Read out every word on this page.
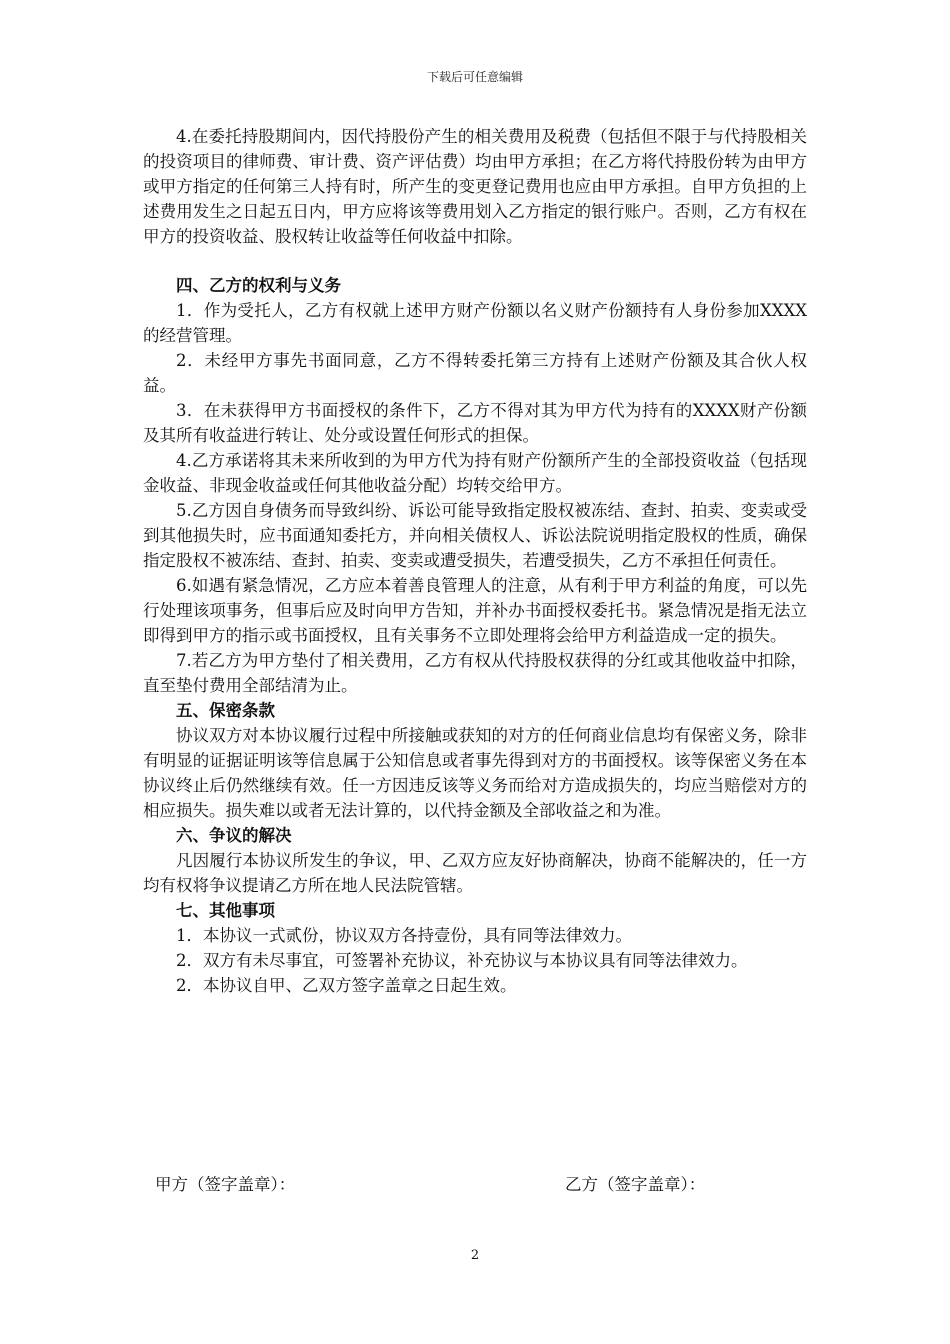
下载后可任意编辑

4.在委托持股期间内，因代持股份产生的相关费用及税费（包括但不限于与代持股相关的投资项目的律师费、审计费、资产评估费）均由甲方承担；在乙方将代持股份转为由甲方或甲方指定的任何第三人持有时，所产生的变更登记费用也应由甲方承担。自甲方负担的上述费用发生之日起五日内，甲方应将该等费用划入乙方指定的银行账户。否则，乙方有权在甲方的投资收益、股权转让收益等任何收益中扣除。

四、乙方的权利与义务

1．作为受托人，乙方有权就上述甲方财产份额以名义财产份额持有人身份参加XXXX的经营管理。

2．未经甲方事先书面同意，乙方不得转委托第三方持有上述财产份额及其合伙人权益。

3．在未获得甲方书面授权的条件下，乙方不得对其为甲方代为持有的XXXX财产份额及其所有收益进行转让、处分或设置任何形式的担保。

4.乙方承诺将其未来所收到的为甲方代为持有财产份额所产生的全部投资收益（包括现金收益、非现金收益或任何其他收益分配）均转交给甲方。

5.乙方因自身债务而导致纠纷、诉讼可能导致指定股权被冻结、查封、拍卖、变卖或受到其他损失时，应书面通知委托方，并向相关债权人、诉讼法院说明指定股权的性质，确保指定股权不被冻结、查封、拍卖、变卖或遭受损失，若遭受损失，乙方不承担任何责任。

6.如遇有紧急情况，乙方应本着善良管理人的注意，从有利于甲方利益的角度，可以先行处理该项事务，但事后应及时向甲方告知，并补办书面授权委托书。紧急情况是指无法立即得到甲方的指示或书面授权，且有关事务不立即处理将会给甲方利益造成一定的损失。

7.若乙方为甲方垫付了相关费用，乙方有权从代持股权获得的分红或其他收益中扣除，直至垫付费用全部结清为止。

五、保密条款

协议双方对本协议履行过程中所接触或获知的对方的任何商业信息均有保密义务，除非有明显的证据证明该等信息属于公知信息或者事先得到对方的书面授权。该等保密义务在本协议终止后仍然继续有效。任一方因违反该等义务而给对方造成损失的，均应当赔偿对方的相应损失。损失难以或者无法计算的，以代持金额及全部收益之和为准。

六、争议的解决

凡因履行本协议所发生的争议，甲、乙双方应友好协商解决，协商不能解决的，任一方均有权将争议提请乙方所在地人民法院管辖。

七、其他事项

1．本协议一式贰份，协议双方各持壹份，具有同等法律效力。

2．双方有未尽事宜，可签署补充协议，补充协议与本协议具有同等法律效力。

2．本协议自甲、乙双方签字盖章之日起生效。

甲方（签字盖章）：	乙方（签字盖章）：
2
